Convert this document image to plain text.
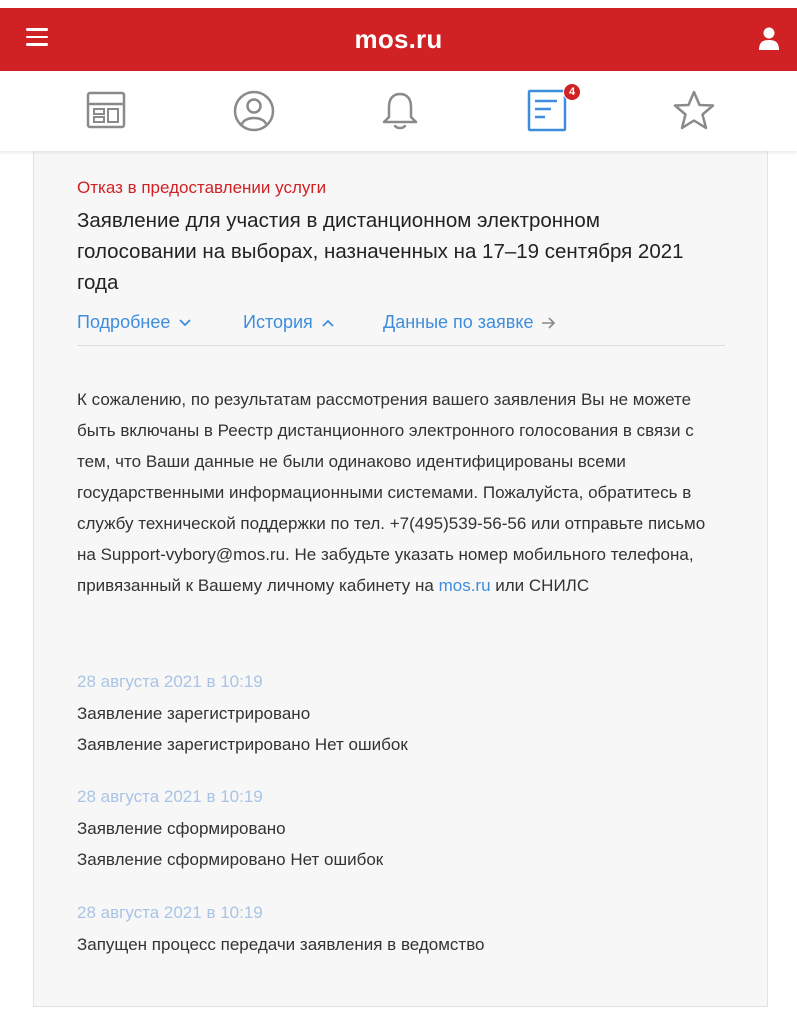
mos.ru
4
Отказ в предоставлении услуги
Заявление для участия в дистанционном электронном голосовании на выборах, назначенных на 17–19 сентября 2021 года
Подробнее	История	Данные по заявке
К сожалению, по результатам рассмотрения вашего заявления Вы не можете быть включаны в Реестр дистанционного электронного голосования в связи с тем, что Ваши данные не были одинаково идентифицированы всеми государственными информационными системами. Пожалуйста, обратитесь в службу технической поддержки по тел. +7(495)539-56-56 или отправьте письмо на Support-vybory@mos.ru. Не забудьте указать номер мобильного телефона, привязанный к Вашему личному кабинету на mos.ru или СНИЛС
28 августа 2021 в 10:19
Заявление зарегистрировано
Заявление зарегистрировано Нет ошибок
28 августа 2021 в 10:19
Заявление сформировано
Заявление сформировано Нет ошибок
28 августа 2021 в 10:19
Запущен процесс передачи заявления в ведомство
